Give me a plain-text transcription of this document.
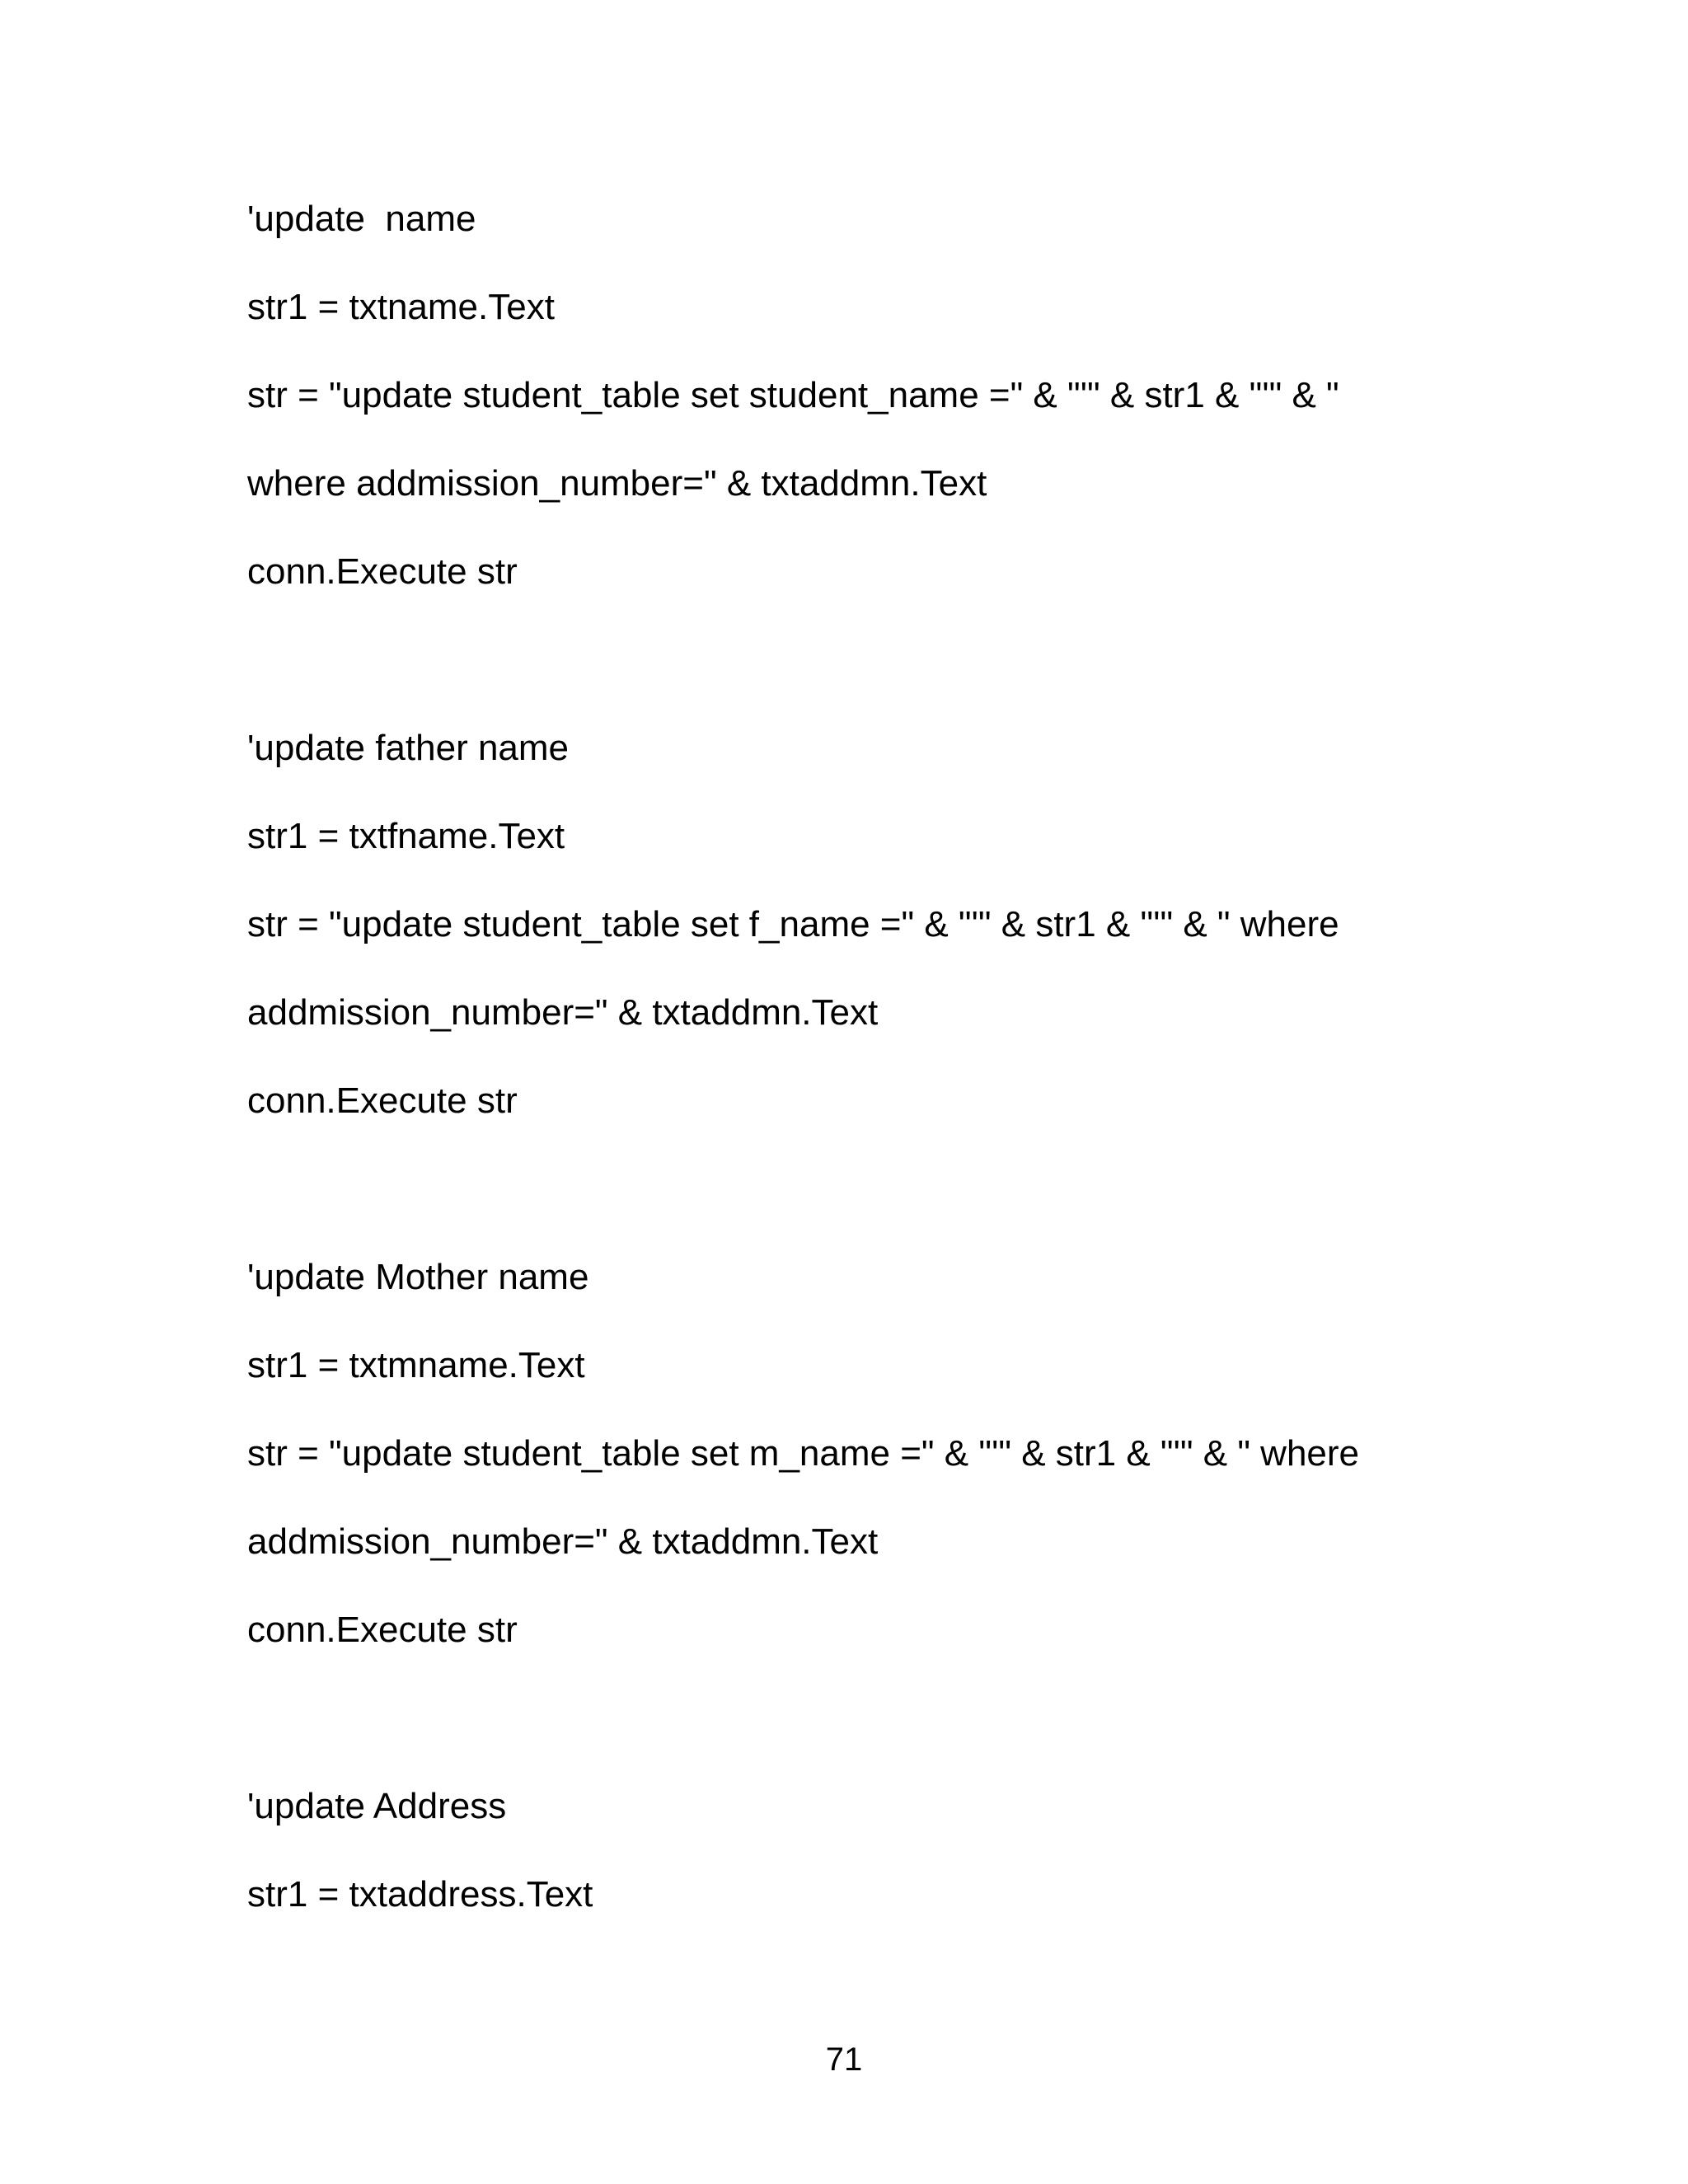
'update  name
str1 = txtname.Text
str = "update student_table set student_name =" & "'" & str1 & "'" & "
where addmission_number=" & txtaddmn.Text
conn.Execute str
'update father name
str1 = txtfname.Text
str = "update student_table set f_name =" & "'" & str1 & "'" & " where
addmission_number=" & txtaddmn.Text
conn.Execute str
'update Mother name
str1 = txtmname.Text
str = "update student_table set m_name =" & "'" & str1 & "'" & " where
addmission_number=" & txtaddmn.Text
conn.Execute str
'update Address
str1 = txtaddress.Text
71
